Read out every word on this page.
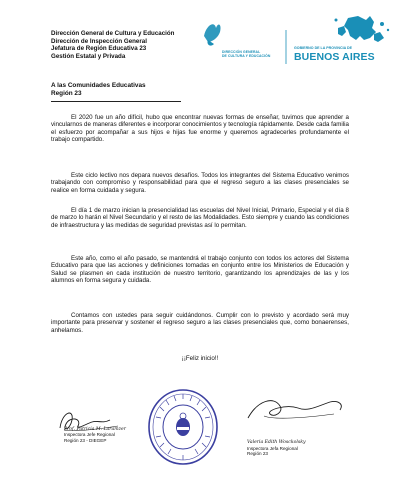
Dirección General de Cultura y Educación
Dirección de Inspección General
Jefatura de Región Educativa 23
Gestión Estatal y Privada
DIRECCIÓN GENERAL
DE CULTURA Y EDUCACIÓN
GOBIERNO DE LA PROVINCIA DE
BUENOS AIRES
A las Comunidades Educativas
Región 23
El 2020 fue un año difícil, hubo que encontrar nuevas formas de enseñar, tuvimos que aprender a vincularnos de maneras diferentes e incorporar conocimientos y tecnología rápidamente. Desde cada familia el esfuerzo por acompañar a sus hijos e hijas fue enorme y queremos agradecerles profundamente el trabajo compartido.
Este ciclo lectivo nos depara nuevos desafíos. Todos los integrantes del Sistema Educativo venimos trabajando con compromiso y responsabilidad para que el regreso seguro a las clases presenciales se realice en forma cuidada y segura.
El día 1 de marzo inician la presencialidad las escuelas del Nivel Inicial, Primario, Especial y el día 8 de marzo lo harán el Nivel Secundario y el resto de las Modalidades. Esto siempre y cuando las condiciones de infraestructura y las medidas de seguridad previstas así lo permitan.
Este año, como el año pasado, se mantendrá el trabajo conjunto con todos los actores del Sistema Educativo para que las acciones y definiciones tomadas en conjunto entre los Ministerios de Educación y Salud se plasmen en cada institución de nuestro territorio, garantizando los aprendizajes de las y los alumnos en forma segura y cuidada.
Contamos con ustedes para seguir cuidándonos. Cumplir con lo previsto y acordado será muy importante para preservar y sostener el regreso seguro a las clases presenciales que, como bonaerenses, anhelamos.
¡¡Feliz inicio!!
Prof. Patricia M. Laramzer
Inspectora Jefe Regional
Región 23 - DIEGEP	Valeria Edith Wosckolsky
Inspectora Jefa Regional
Región 23
